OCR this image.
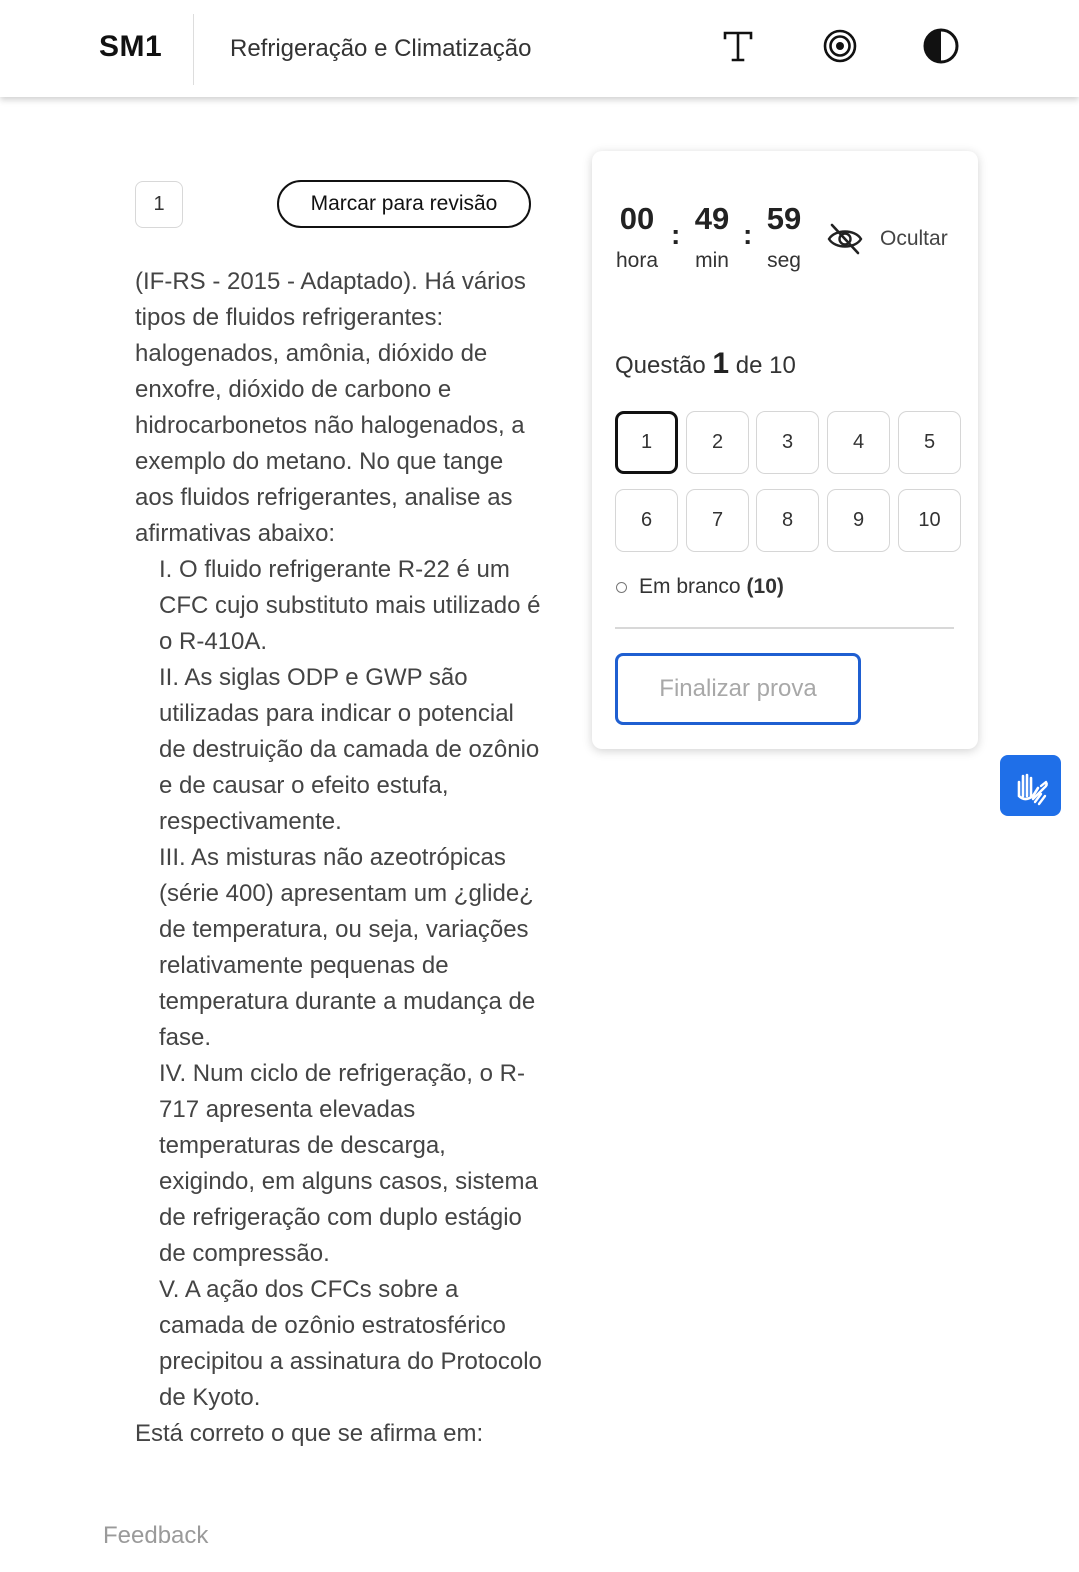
SM1	Refrigeração e Climatização
1	Marcar para revisão
(IF-RS - 2015 - Adaptado). Há vários tipos de fluidos refrigerantes: halogenados, amônia, dióxido de enxofre, dióxido de carbono e hidrocarbonetos não halogenados, a exemplo do metano. No que tange aos fluidos refrigerantes, analise as afirmativas abaixo:
I. O fluido refrigerante R-22 é um CFC cujo substituto mais utilizado é o R-410A.
II. As siglas ODP e GWP são utilizadas para indicar o potencial de destruição da camada de ozônio e de causar o efeito estufa, respectivamente.
III. As misturas não azeotrópicas (série 400) apresentam um ¿glide¿ de temperatura, ou seja, variações relativamente pequenas de temperatura durante a mudança de fase.
IV. Num ciclo de refrigeração, o R-717 apresenta elevadas temperaturas de descarga, exigindo, em alguns casos, sistema de refrigeração com duplo estágio de compressão.
V. A ação dos CFCs sobre a camada de ozônio estratosférico precipitou a assinatura do Protocolo de Kyoto.
Está correto o que se afirma em:
Feedback
00
hora
: 49
min
: 59
seg
Ocultar
Questão 1 de 10
1	2	3	4	5
6	7	8	9	10
Em branco (10)
Finalizar prova
